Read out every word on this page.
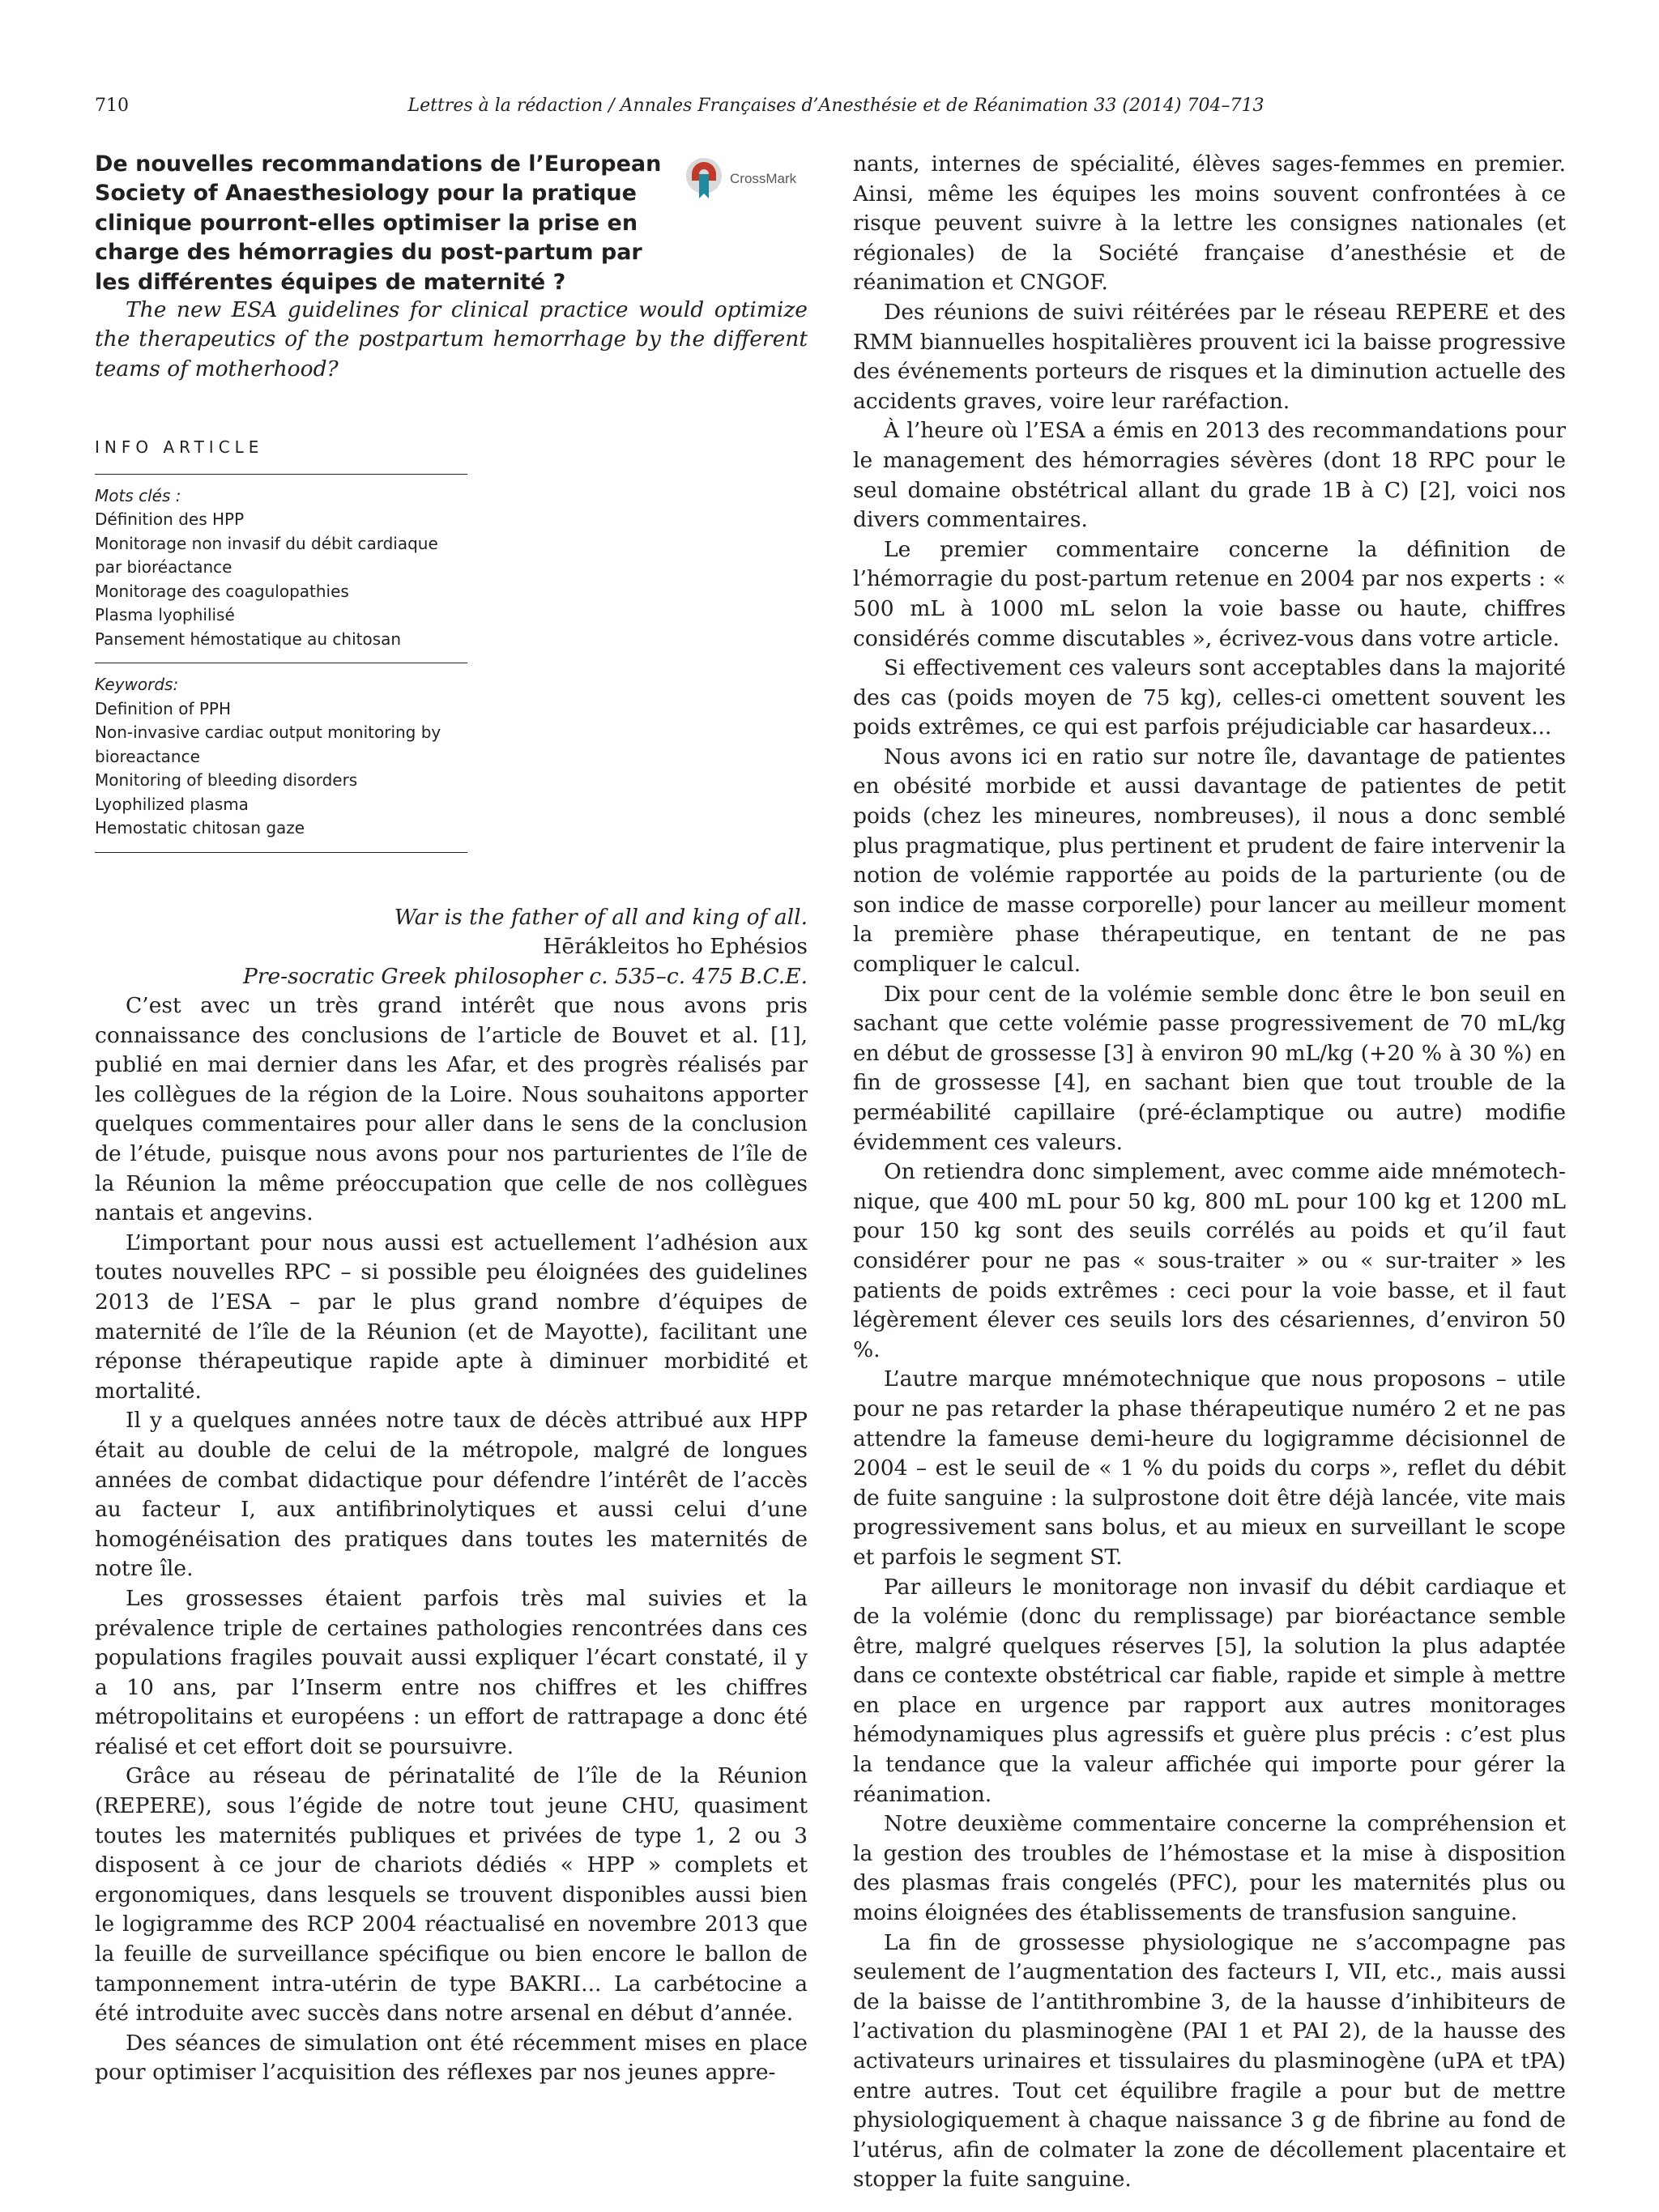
710	Lettres à la rédaction / Annales Françaises d’Anesthésie et de Réanimation 33 (2014) 704–713
De nouvelles recommandations de l’European Society of Anaesthesiology pour la pratique clinique pourront-elles optimiser la prise en charge des hémorragies du post-partum par les différentes équipes de maternité ?
CrossMark

The new ESA guidelines for clinical practice would optimize the therapeutics of the postpartum hemorrhage by the different teams of motherhood?

INFO ARTICLE
Mots clés :
Définition des HPP
Monitorage non invasif du débit cardiaque
par bioréactance
Monitorage des coagulopathies
Plasma lyophilisé
Pansement hémostatique au chitosan
Keywords:
Definition of PPH
Non-invasive cardiac output monitoring by
bioreactance
Monitoring of bleeding disorders
Lyophilized plasma
Hemostatic chitosan gaze
War is the father of all and king of all.
Hērákleitos ho Ephésios
Pre-socratic Greek philosopher c. 535–c. 475 B.C.E.

C’est avec un très grand intérêt que nous avons pris connaissance des conclusions de l’article de Bouvet et al. [1], publié en mai dernier dans les Afar, et des progrès réalisés par les collègues de la région de la Loire. Nous souhaitons apporter quelques commentaires pour aller dans le sens de la conclusion de l’étude, puisque nous avons pour nos parturientes de l’île de la Réunion la même préoccupation que celle de nos collègues nantais et angevins.

L’important pour nous aussi est actuellement l’adhésion aux toutes nouvelles RPC – si possible peu éloignées des guidelines 2013 de l’ESA – par le plus grand nombre d’équipes de maternité de l’île de la Réunion (et de Mayotte), facilitant une réponse thérapeutique rapide apte à diminuer morbidité et mortalité.

Il y a quelques années notre taux de décès attribué aux HPP était au double de celui de la métropole, malgré de longues années de combat didactique pour défendre l’intérêt de l’accès au facteur I, aux antifibrinolytiques et aussi celui d’une homogénéisation des pratiques dans toutes les maternités de notre île.

Les grossesses étaient parfois très mal suivies et la prévalence triple de certaines pathologies rencontrées dans ces populations fragiles pouvait aussi expliquer l’écart constaté, il y a 10 ans, par l’Inserm entre nos chiffres et les chiffres métropolitains et européens : un effort de rattrapage a donc été réalisé et cet effort doit se poursuivre.

Grâce au réseau de périnatalité de l’île de la Réunion (REPERE), sous l’égide de notre tout jeune CHU, quasiment toutes les maternités publiques et privées de type 1, 2 ou 3 disposent à ce jour de chariots dédiés « HPP » complets et ergonomiques, dans lesquels se trouvent disponibles aussi bien le logigramme des RCP 2004 réactualisé en novembre 2013 que la feuille de surveillance spécifique ou bien encore le ballon de tamponnement intra-utérin de type BAKRI... La carbétocine a été introduite avec succès dans notre arsenal en début d’année.

Des séances de simulation ont été récemment mises en place pour optimiser l’acquisition des réflexes par nos jeunes appre-

nants, internes de spécialité, élèves sages-femmes en premier. Ainsi, même les équipes les moins souvent confrontées à ce risque peuvent suivre à la lettre les consignes nationales (et régionales) de la Société française d’anesthésie et de réanimation et CNGOF.

Des réunions de suivi réitérées par le réseau REPERE et des RMM biannuelles hospitalières prouvent ici la baisse progressive des événements porteurs de risques et la diminution actuelle des accidents graves, voire leur raréfaction.

À l’heure où l’ESA a émis en 2013 des recommandations pour le management des hémorragies sévères (dont 18 RPC pour le seul domaine obstétrical allant du grade 1B à C) [2], voici nos divers commentaires.

Le premier commentaire concerne la définition de l’hémorragie du post-partum retenue en 2004 par nos experts : « 500 mL à 1000 mL selon la voie basse ou haute, chiffres considérés comme discutables », écrivez-vous dans votre article.

Si effectivement ces valeurs sont acceptables dans la majorité des cas (poids moyen de 75 kg), celles-ci omettent souvent les poids extrêmes, ce qui est parfois préjudiciable car hasardeux...

Nous avons ici en ratio sur notre île, davantage de patientes en obésité morbide et aussi davantage de patientes de petit poids (chez les mineures, nombreuses), il nous a donc semblé plus pragmatique, plus pertinent et prudent de faire intervenir la notion de volémie rapportée au poids de la parturiente (ou de son indice de masse corporelle) pour lancer au meilleur moment la première phase thérapeutique, en tentant de ne pas compliquer le calcul.

Dix pour cent de la volémie semble donc être le bon seuil en sachant que cette volémie passe progressivement de 70 mL/kg en début de grossesse [3] à environ 90 mL/kg (+20 % à 30 %) en fin de grossesse [4], en sachant bien que tout trouble de la perméabilité capillaire (pré-éclamptique ou autre) modifie évidemment ces valeurs.

On retiendra donc simplement, avec comme aide mnémotech-nique, que 400 mL pour 50 kg, 800 mL pour 100 kg et 1200 mL pour 150 kg sont des seuils corrélés au poids et qu’il faut considérer pour ne pas « sous-traiter » ou « sur-traiter » les patients de poids extrêmes : ceci pour la voie basse, et il faut légèrement élever ces seuils lors des césariennes, d’environ 50 %.

L’autre marque mnémotechnique que nous proposons – utile pour ne pas retarder la phase thérapeutique numéro 2 et ne pas attendre la fameuse demi-heure du logigramme décisionnel de 2004 – est le seuil de « 1 % du poids du corps », reflet du débit de fuite sanguine : la sulprostone doit être déjà lancée, vite mais progressivement sans bolus, et au mieux en surveillant le scope et parfois le segment ST.

Par ailleurs le monitorage non invasif du débit cardiaque et de la volémie (donc du remplissage) par bioréactance semble être, malgré quelques réserves [5], la solution la plus adaptée dans ce contexte obstétrical car fiable, rapide et simple à mettre en place en urgence par rapport aux autres monitorages hémodynamiques plus agressifs et guère plus précis : c’est plus la tendance que la valeur affichée qui importe pour gérer la réanimation.

Notre deuxième commentaire concerne la compréhension et la gestion des troubles de l’hémostase et la mise à disposition des plasmas frais congelés (PFC), pour les maternités plus ou moins éloignées des établissements de transfusion sanguine.

La fin de grossesse physiologique ne s’accompagne pas seulement de l’augmentation des facteurs I, VII, etc., mais aussi de la baisse de l’antithrombine 3, de la hausse d’inhibiteurs de l’activation du plasminogène (PAI 1 et PAI 2), de la hausse des activateurs urinaires et tissulaires du plasminogène (uPA et tPA) entre autres. Tout cet équilibre fragile a pour but de mettre physiologiquement à chaque naissance 3 g de fibrine au fond de l’utérus, afin de colmater la zone de décollement placentaire et stopper la fuite sanguine.
